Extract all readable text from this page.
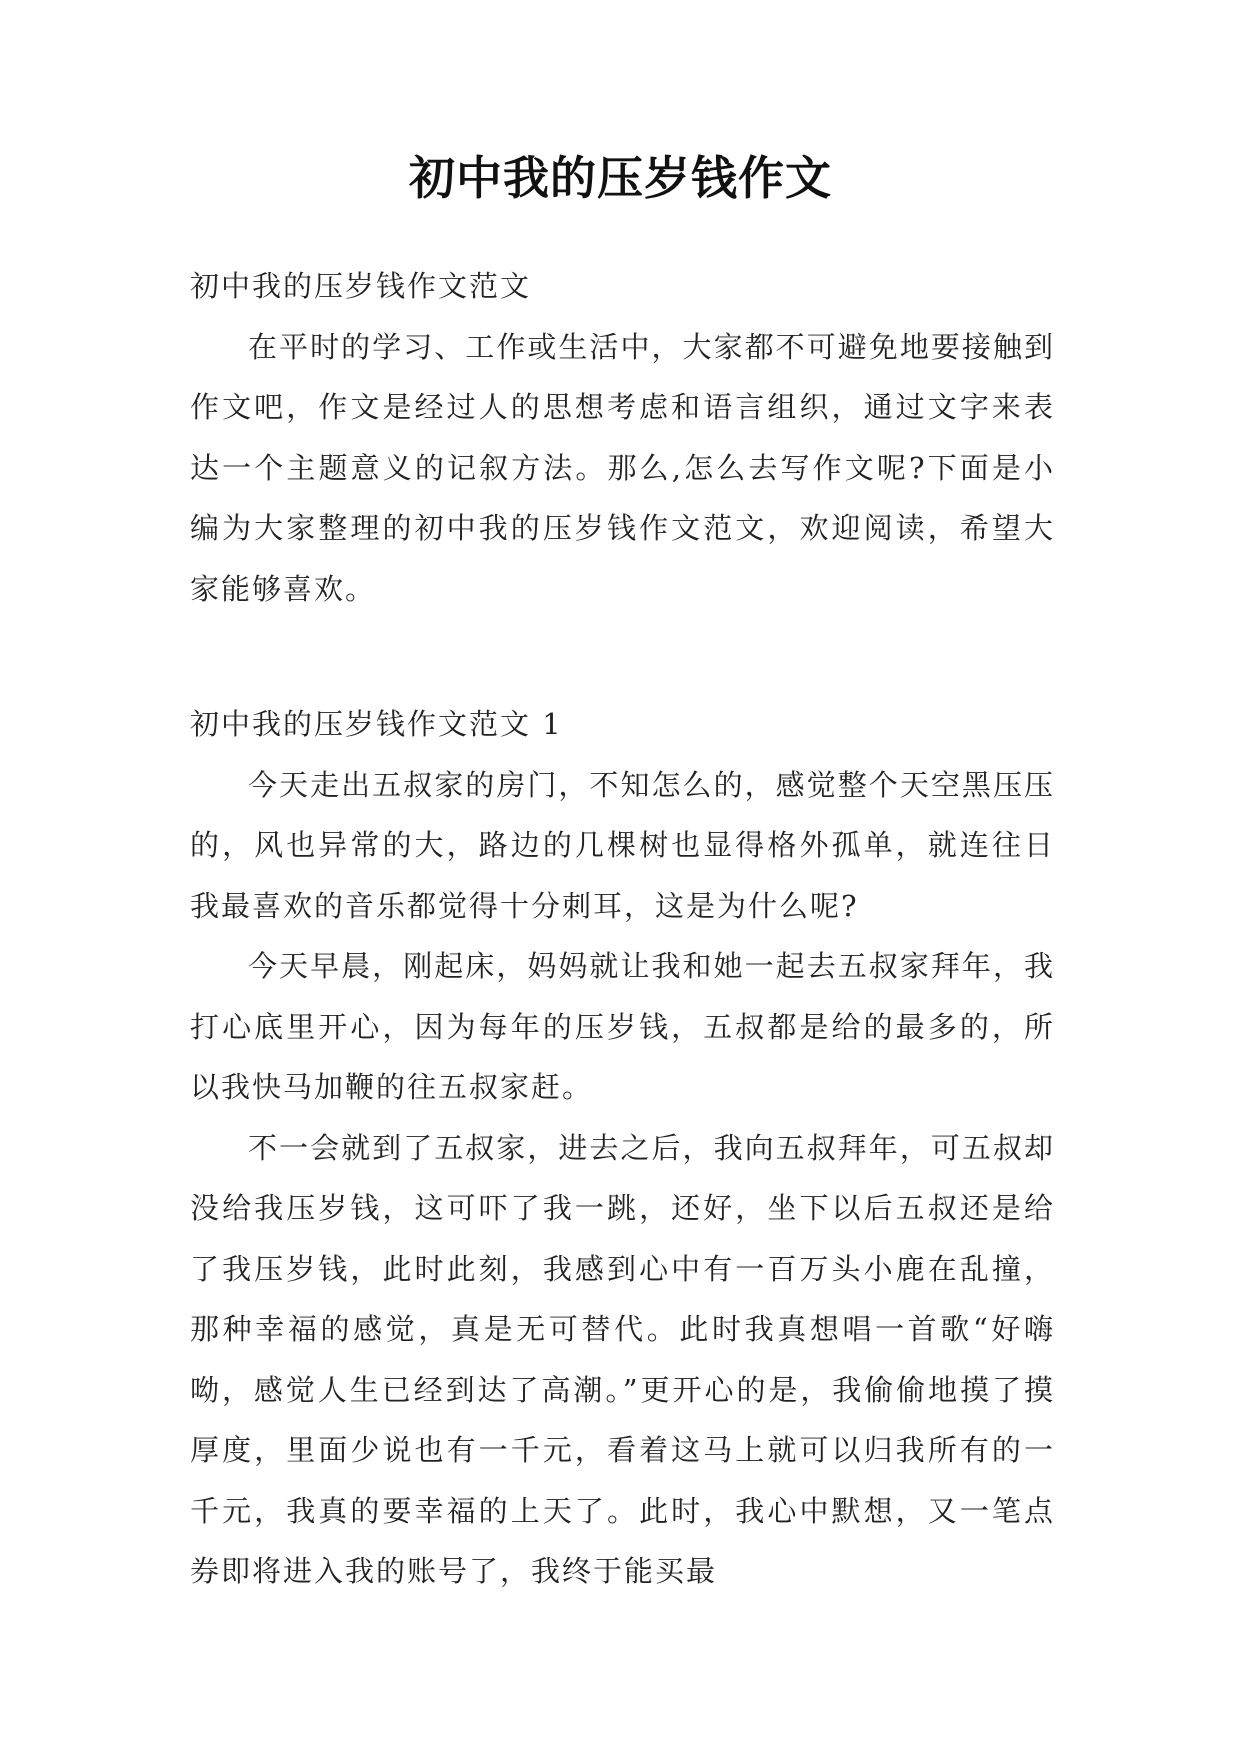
初中我的压岁钱作文

初中我的压岁钱作文范文

在平时的学习、工作或生活中，大家都不可避免地要接触到作文吧，作文是经过人的思想考虑和语言组织，通过文字来表达一个主题意义的记叙方法。那么,怎么去写作文呢?下面是小编为大家整理的初中我的压岁钱作文范文，欢迎阅读，希望大家能够喜欢。

初中我的压岁钱作文范文 1

今天走出五叔家的房门，不知怎么的，感觉整个天空黑压压的，风也异常的大，路边的几棵树也显得格外孤单，就连往日我最喜欢的音乐都觉得十分刺耳，这是为什么呢?

今天早晨，刚起床，妈妈就让我和她一起去五叔家拜年，我打心底里开心，因为每年的压岁钱，五叔都是给的最多的，所以我快马加鞭的往五叔家赶。

不一会就到了五叔家，进去之后，我向五叔拜年，可五叔却没给我压岁钱，这可吓了我一跳，还好，坐下以后五叔还是给了我压岁钱，此时此刻，我感到心中有一百万头小鹿在乱撞，那种幸福的感觉，真是无可替代。此时我真想唱一首歌“好嗨呦，感觉人生已经到达了高潮。”更开心的是，我偷偷地摸了摸厚度，里面少说也有一千元，看着这马上就可以归我所有的一千元，我真的要幸福的上天了。此时，我心中默想，又一笔点券即将进入我的账号了，我终于能买最
